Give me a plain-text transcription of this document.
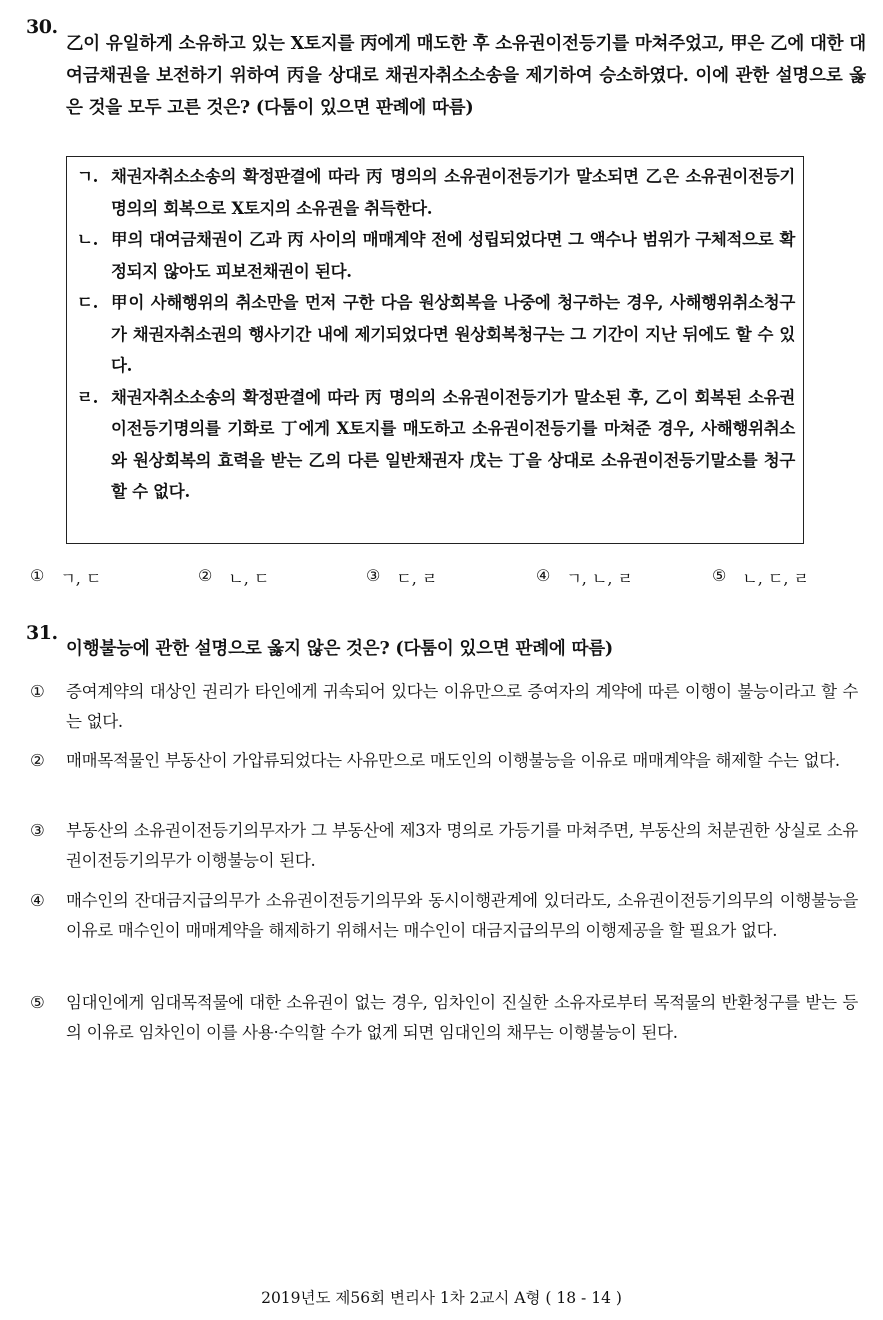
30.
乙이 유일하게 소유하고 있는 X토지를 丙에게 매도한 후 소유권이전등기를 마쳐주었고, 甲은 乙에 대한 대여금채권을 보전하기 위하여 丙을 상대로 채권자취소소송을 제기하여 승소하였다. 이에 관한 설명으로 옳은 것을 모두 고른 것은? (다툼이 있으면 판례에 따름)
ㄱ. 채권자취소소송의 확정판결에 따라 丙 명의의 소유권이전등기가 말소되면 乙은 소유권이전등기명의의 회복으로 X토지의 소유권을 취득한다.
ㄴ. 甲의 대여금채권이 乙과 丙 사이의 매매계약 전에 성립되었다면 그 액수나 범위가 구체적으로 확정되지 않아도 피보전채권이 된다.
ㄷ. 甲이 사해행위의 취소만을 먼저 구한 다음 원상회복을 나중에 청구하는 경우, 사해행위취소청구가 채권자취소권의 행사기간 내에 제기되었다면 원상회복청구는 그 기간이 지난 뒤에도 할 수 있다.
ㄹ. 채권자취소소송의 확정판결에 따라 丙 명의의 소유권이전등기가 말소된 후, 乙이 회복된 소유권이전등기명의를 기화로 丁에게 X토지를 매도하고 소유권이전등기를 마쳐준 경우, 사해행위취소와 원상회복의 효력을 받는 乙의 다른 일반채권자 戊는 丁을 상대로 소유권이전등기말소를 청구할 수 없다.
① ㄱ, ㄷ	② ㄴ, ㄷ	③ ㄷ, ㄹ	④ ㄱ, ㄴ, ㄹ	⑤ ㄴ, ㄷ, ㄹ
31.
이행불능에 관한 설명으로 옳지 않은 것은? (다툼이 있으면 판례에 따름)
① 증여계약의 대상인 권리가 타인에게 귀속되어 있다는 이유만으로 증여자의 계약에 따른 이행이 불능이라고 할 수는 없다.
② 매매목적물인 부동산이 가압류되었다는 사유만으로 매도인의 이행불능을 이유로 매매계약을 해제할 수는 없다.
③ 부동산의 소유권이전등기의무자가 그 부동산에 제3자 명의로 가등기를 마쳐주면, 부동산의 처분권한 상실로 소유권이전등기의무가 이행불능이 된다.
④ 매수인의 잔대금지급의무가 소유권이전등기의무와 동시이행관계에 있더라도, 소유권이전등기의무의 이행불능을 이유로 매수인이 매매계약을 해제하기 위해서는 매수인이 대금지급의무의 이행제공을 할 필요가 없다.
⑤ 임대인에게 임대목적물에 대한 소유권이 없는 경우, 임차인이 진실한 소유자로부터 목적물의 반환청구를 받는 등의 이유로 임차인이 이를 사용·수익할 수가 없게 되면 임대인의 채무는 이행불능이 된다.
2019년도 제56회 변리사 1차 2교시 A형 ( 18 - 14 )
